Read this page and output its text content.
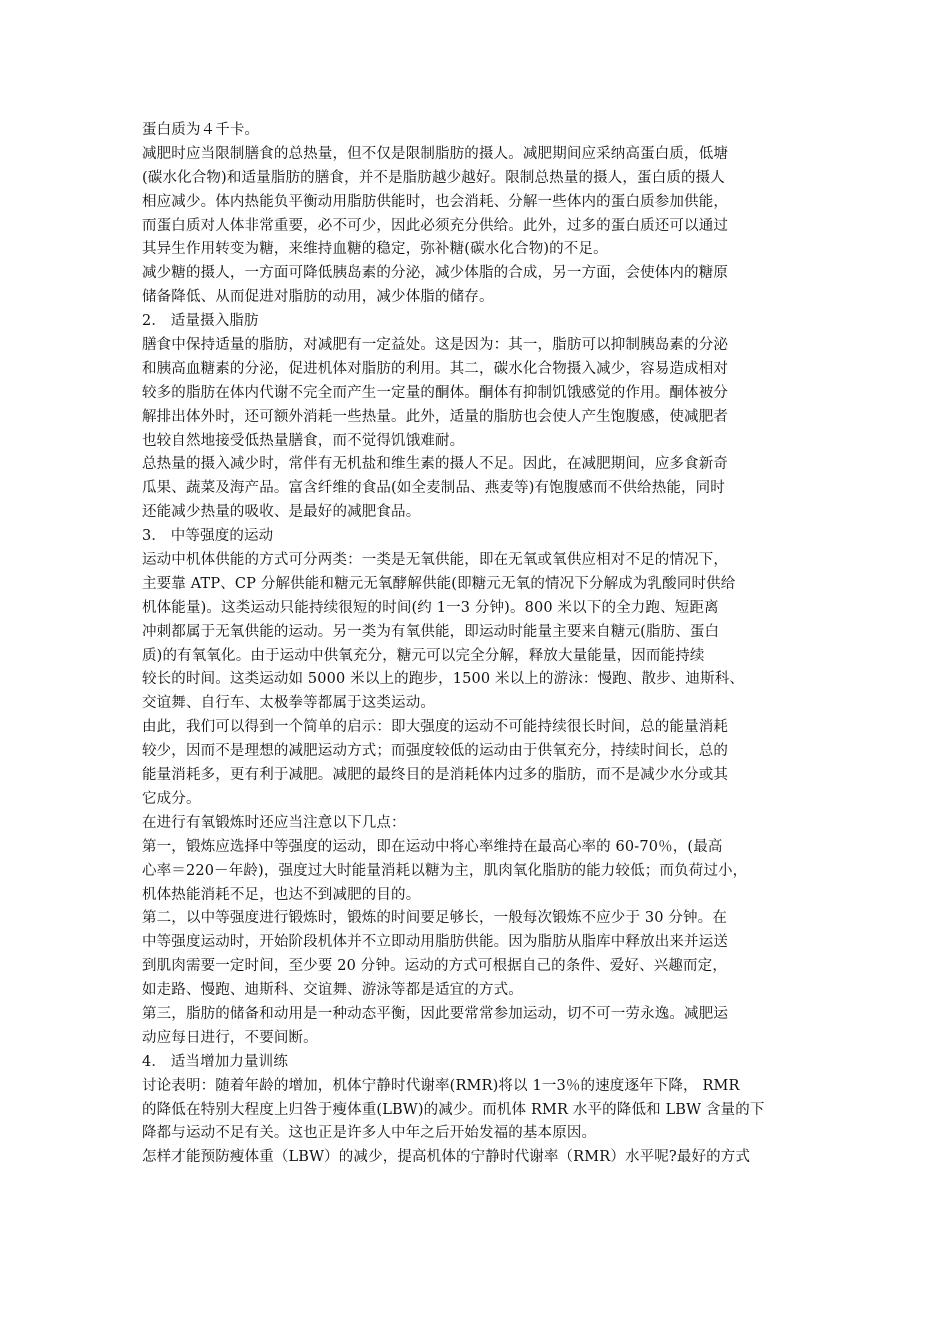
蛋白质为４千卡。
减肥时应当限制膳食的总热量，但不仅是限制脂肪的摄人。减肥期间应采纳高蛋白质，低塘
(碳水化合物)和适量脂肪的膳食，并不是脂肪越少越好。限制总热量的摄人，蛋白质的摄人
相应减少。体内热能负平衡动用脂肪供能时，也会消耗、分解一些体内的蛋白质参加供能，
而蛋白质对人体非常重要，必不可少，因此必须充分供给。此外，过多的蛋白质还可以通过
其异生作用转变为糖，来维持血糖的稳定，弥补糖(碳水化合物)的不足。
减少糖的摄人，一方面可降低胰岛素的分泌，减少体脂的合成，另一方面，会使体内的糖原
储备降低、从而促进对脂肪的动用，减少体脂的储存。
2． 适量摄入脂肪
膳食中保持适量的脂肪，对减肥有一定益处。这是因为：其一，脂肪可以抑制胰岛素的分泌
和胰高血糖素的分泌，促进机体对脂肪的利用。其二，碳水化合物摄入减少，容易造成相对
较多的脂肪在体内代谢不完全而产生一定量的酮体。酮体有抑制饥饿感觉的作用。酮体被分
解排出体外时，还可额外消耗一些热量。此外，适量的脂肪也会使人产生饱腹感，使减肥者
也较自然地接受低热量膳食，而不觉得饥饿难耐。
总热量的摄入减少时，常伴有无机盐和维生素的摄人不足。因此，在减肥期间，应多食新奇
瓜果、蔬菜及海产品。富含纤维的食品(如全麦制品、燕麦等)有饱腹感而不供给热能，同时
还能减少热量的吸收、是最好的减肥食品。
3． 中等强度的运动
运动中机体供能的方式可分两类：一类是无氧供能，即在无氧或氧供应相对不足的情况下，
主要靠 ATP、CP 分解供能和糖元无氧酵解供能(即糖元无氧的情况下分解成为乳酸同时供给
机体能量)。这类运动只能持续很短的时间(约 1一3 分钟)。800 米以下的全力跑、短距离
冲刺都属于无氧供能的运动。另一类为有氧供能，即运动时能量主要来自糖元(脂肪、蛋白
质)的有氧氧化。由于运动中供氧充分，糖元可以完全分解，释放大量能量，因而能持续
较长的时间。这类运动如 5000 米以上的跑步，1500 米以上的游泳：慢跑、散步、迪斯科、
交谊舞、自行车、太极拳等都属于这类运动。
由此，我们可以得到一个简单的启示：即大强度的运动不可能持续很长时间，总的能量消耗
较少，因而不是理想的减肥运动方式；而强度较低的运动由于供氧充分，持续时间长，总的
能量消耗多，更有利于减肥。减肥的最终目的是消耗体内过多的脂肪，而不是减少水分或其
它成分。
在进行有氧锻炼时还应当注意以下几点：
第一，锻炼应选择中等强度的运动，即在运动中将心率维持在最高心率的 60-70％，(最高
心率＝220－年龄)，强度过大时能量消耗以糖为主，肌肉氧化脂肪的能力较低；而负荷过小，
机体热能消耗不足，也达不到减肥的目的。
第二，以中等强度进行锻炼时，锻炼的时间要足够长，一般每次锻炼不应少于 30 分钟。在
中等强度运动时，开始阶段机体并不立即动用脂肪供能。因为脂肪从脂库中释放出来并运送
到肌肉需要一定时间，至少要 20 分钟。运动的方式可根据自己的条件、爱好、兴趣而定，
如走路、慢跑、迪斯科、交谊舞、游泳等都是适宜的方式。
第三，脂肪的储备和动用是一种动态平衡，因此要常常参加运动，切不可一劳永逸。减肥运
动应每日进行，不要间断。
4． 适当增加力量训练
讨论表明：随着年龄的增加，机体宁静时代谢率(RMR)将以 1一3％的速度逐年下降， RMR
的降低在特别大程度上归咎于瘦体重(LBW)的减少。而机体 RMR 水平的降低和 LBW 含量的下
降都与运动不足有关。这也正是许多人中年之后开始发福的基本原因。
怎样才能预防瘦体重（LBW）的减少，提高机体的宁静时代谢率（RMR）水平呢?最好的方式
